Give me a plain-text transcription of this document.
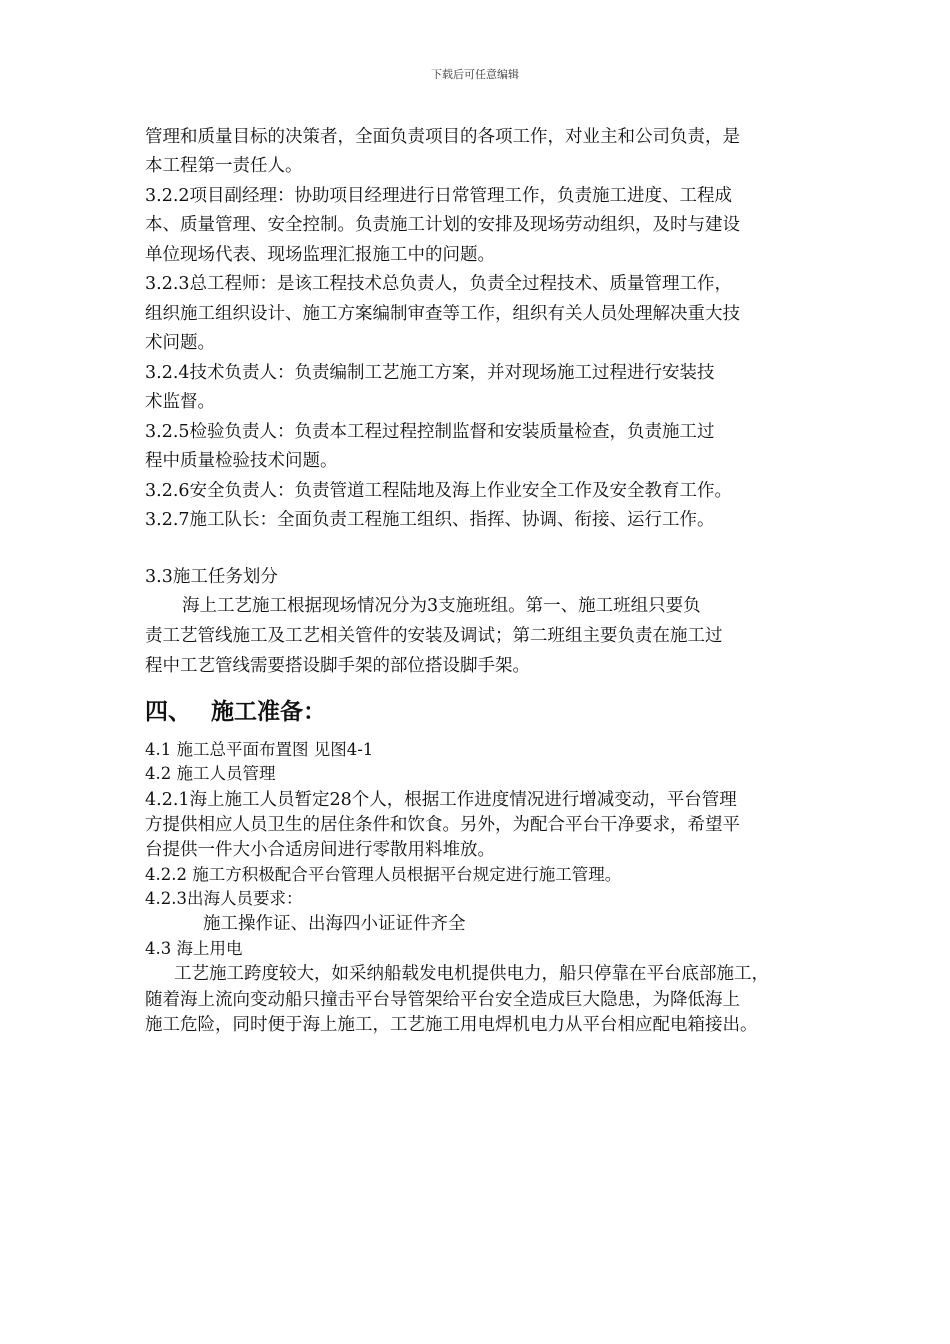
下载后可任意编辑
管理和质量目标的决策者，全面负责项目的各项工作，对业主和公司负责，是
本工程第一责任人。
3.2.2项目副经理：协助项目经理进行日常管理工作，负责施工进度、工程成
本、质量管理、安全控制。负责施工计划的安排及现场劳动组织，及时与建设
单位现场代表、现场监理汇报施工中的问题。
3.2.3总工程师：是该工程技术总负责人，负责全过程技术、质量管理工作，
组织施工组织设计、施工方案编制审查等工作，组织有关人员处理解决重大技
术问题。
3.2.4技术负责人：负责编制工艺施工方案，并对现场施工过程进行安装技
术监督。
3.2.5检验负责人：负责本工程过程控制监督和安装质量检查，负责施工过
程中质量检验技术问题。
3.2.6安全负责人：负责管道工程陆地及海上作业安全工作及安全教育工作。
3.2.7施工队长：全面负责工程施工组织、指挥、协调、衔接、运行工作。
3.3施工任务划分
海上工艺施工根据现场情况分为3支施班组。第一、施工班组只要负
责工艺管线施工及工艺相关管件的安装及调试；第二班组主要负责在施工过
程中工艺管线需要搭设脚手架的部位搭设脚手架。
四、 施工准备：
4.1 施工总平面布置图 见图4-1
4.2 施工人员管理
4.2.1海上施工人员暂定28个人，根据工作进度情况进行增减变动，平台管理
方提供相应人员卫生的居住条件和饮食。另外，为配合平台干净要求，希望平
台提供一件大小合适房间进行零散用料堆放。
4.2.2 施工方积极配合平台管理人员根据平台规定进行施工管理。
4.2.3出海人员要求：
施工操作证、出海四小证证件齐全
4.3 海上用电
工艺施工跨度较大，如采纳船载发电机提供电力，船只停靠在平台底部施工，
随着海上流向变动船只撞击平台导管架给平台安全造成巨大隐患，为降低海上
施工危险，同时便于海上施工，工艺施工用电焊机电力从平台相应配电箱接出。
